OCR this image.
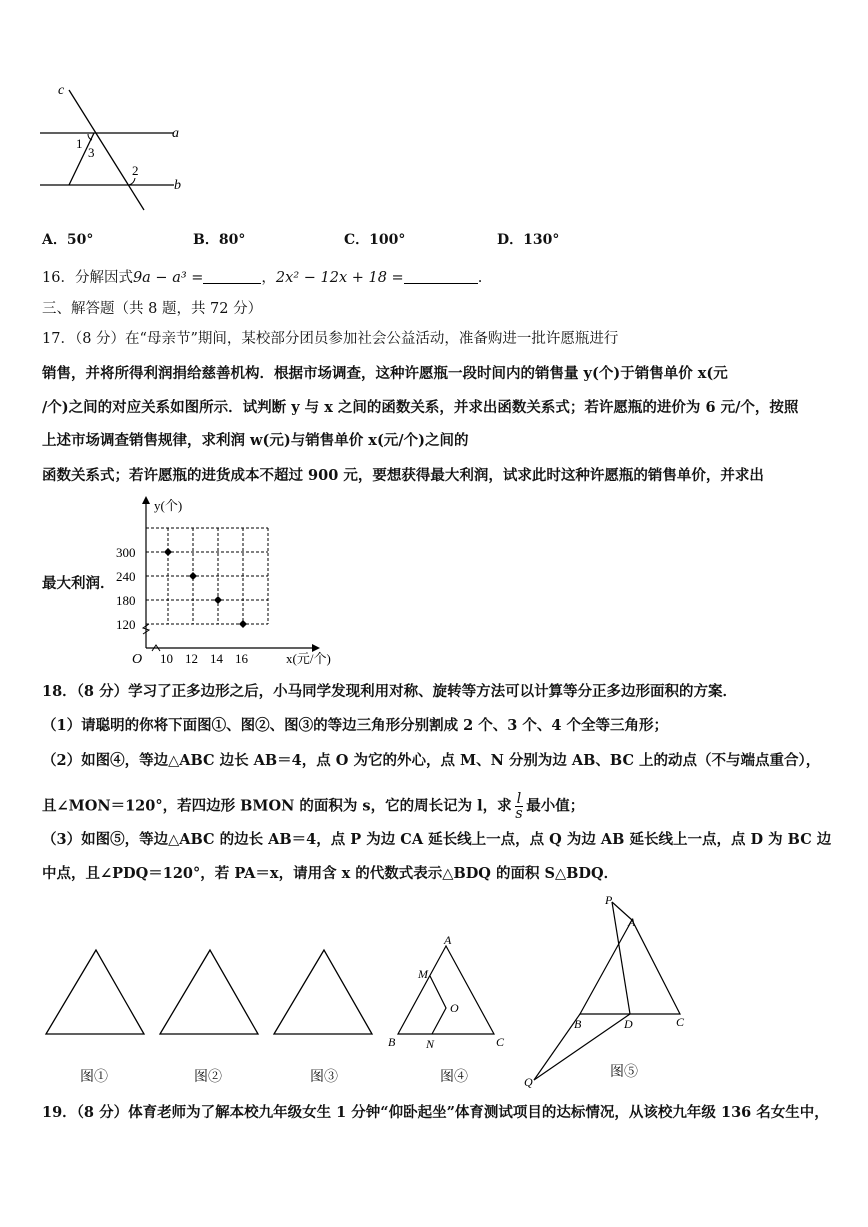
c
a
b
1
3
2
A．50°	B．80°	C．100°	D．130°
16．分解因式9a − a³ =	，2x² − 12x + 18 =	.
三、解答题（共 8 题，共 72 分）
17．（8 分）在“母亲节”期间，某校部分团员参加社会公益活动，准备购进一批许愿瓶进行
销售，并将所得利润捐给慈善机构．根据市场调查，这种许愿瓶一段时间内的销售量 y(个)于销售单价 x(元
/个)之间的对应关系如图所示．试判断 y 与 x 之间的函数关系，并求出函数关系式；若许愿瓶的进价为 6 元/个，按照
上述市场调查销售规律，求利润 w(元)与销售单价 x(元/个)之间的
函数关系式；若许愿瓶的进货成本不超过 900 元，要想获得最大利润，试求此时这种许愿瓶的销售单价，并求出
最大利润．
10 12 14 16
120
180
240
300
O	x(元/个)
y(个)
18．（8 分）学习了正多边形之后，小马同学发现利用对称、旋转等方法可以计算等分正多边形面积的方案．
（1）请聪明的你将下面图①、图②、图③的等边三角形分别割成 2 个、3 个、4 个全等三角形；
（2）如图④，等边△ABC 边长 AB＝4，点 O 为它的外心，点 M、N 分别为边 AB、BC 上的动点（不与端点重合），
且∠MON＝120°，若四边形 BMON 的面积为 s，它的周长记为 l，求 $\frac{l}{s}$ 最小值；
（3）如图⑤，等边△ABC 的边长 AB＝4，点 P 为边 CA 延长线上一点，点 Q 为边 AB 延长线上一点，点 D 为 BC 边
中点，且∠PDQ＝120°，若 PA＝x，请用含 x 的代数式表示△BDQ 的面积 S△BDQ．
A
M
O
B	N	C
P
A
B	D	C
Q
图①	图②	图③	图④	图⑤
19．（8 分）体育老师为了解本校九年级女生 1 分钟“仰卧起坐”体育测试项目的达标情况，从该校九年级 136 名女生中，
